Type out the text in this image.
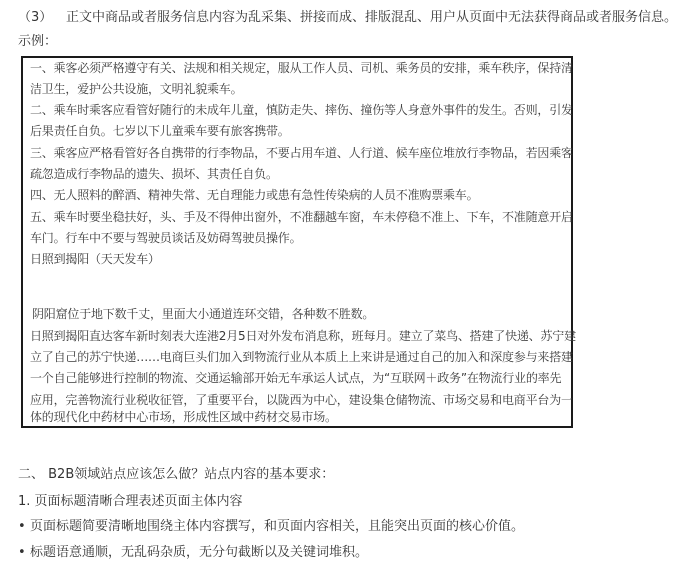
（3） 正文中商品或者服务信息内容为乱采集、拼接而成、排版混乱、用户从页面中无法获得商品或者服务信息。
示例：
一、乘客必须严格遵守有关、法规和相关规定，服从工作人员、司机、乘务员的安排，乘车秩序，保持清
洁卫生，爱护公共设施，文明礼貌乘车。
二、乘车时乘客应看管好随行的未成年儿童，慎防走失、摔伤、撞伤等人身意外事件的发生。否则，引发
后果责任自负。七岁以下儿童乘车要有旅客携带。
三、乘客应严格看管好各自携带的行李物品，不要占用车道、人行道、候车座位堆放行李物品，若因乘客
疏忽造成行李物品的遗失、损坏、其责任自负。
四、无人照料的醉酒、精神失常、无自理能力或患有急性传染病的人员不准购票乘车。
五、乘车时要坐稳扶好，头、手及不得伸出窗外，不准翻越车窗，车未停稳不准上、下车，不准随意开启
车门。行车中不要与驾驶员谈话及妨碍驾驶员操作。
日照到揭阳（天天发车）
阴阳窟位于地下数千丈，里面大小通道连环交错，各种数不胜数。
日照到揭阳直达客车新时刻表大连港2月5日对外发布消息称，班每月。建立了菜鸟、搭建了快递、苏宁建
立了自己的苏宁快递……电商巨头们加入到物流行业从本质上上来讲是通过自己的加入和深度参与来搭建
一个自己能够进行控制的物流、交通运输部开始无车承运人试点，为“互联网＋政务”在物流行业的率先
应用，完善物流行业税收征管，了重要平台，以陇西为中心，建设集仓储物流、市场交易和电商平台为一
体的现代化中药材中心市场，形成性区域中药材交易市场。
二、 B2B领域站点应该怎么做？站点内容的基本要求：
1. 页面标题清晰合理表述页面主体内容
• 页面标题简要清晰地围绕主体内容撰写，和页面内容相关，且能突出页面的核心价值。
• 标题语意通顺，无乱码杂质，无分句截断以及关键词堆积。
